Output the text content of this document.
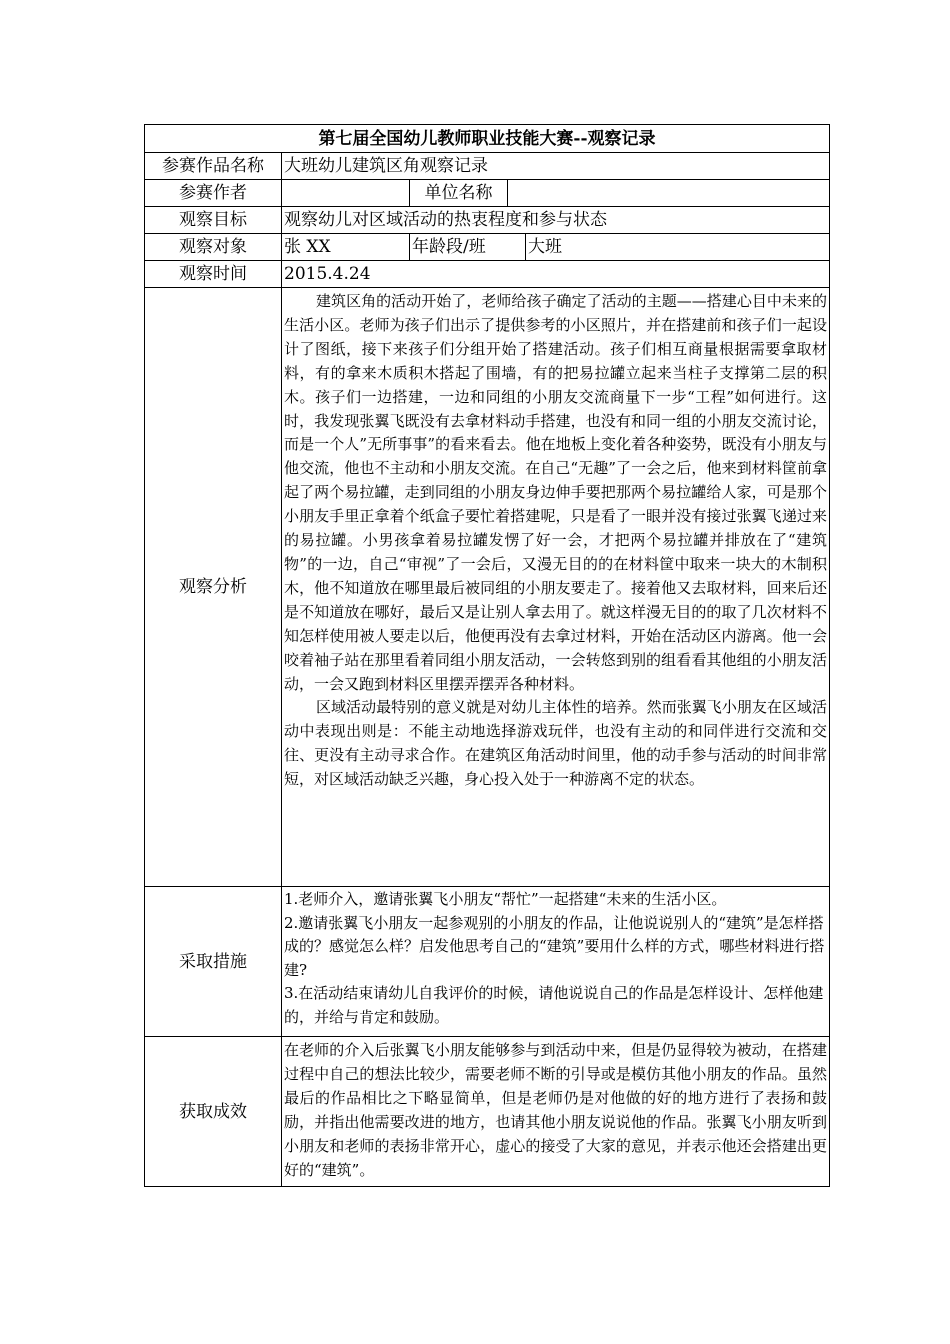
第七届全国幼儿教师职业技能大赛--观察记录				
参赛作品名称	大班幼儿建筑区角观察记录			
参赛作者		单位名称		
观察目标	观察幼儿对区域活动的热衷程度和参与状态			
观察对象	张 XX	年龄段/班		大班
观察时间	2015.4.24			
观察分析	建筑区角的活动开始了，老师给孩子确定了活动的主题——搭建心目中未来的生活小区。老师为孩子们出示了提供参考的小区照片，并在搭建前和孩子们一起设计了图纸，接下来孩子们分组开始了搭建活动。孩子们相互商量根据需要拿取材料，有的拿来木质积木搭起了围墙，有的把易拉罐立起来当柱子支撑第二层的积木。孩子们一边搭建，一边和同组的小朋友交流商量下一步“工程”如何进行。这时，我发现张翼飞既没有去拿材料动手搭建，也没有和同一组的小朋友交流讨论，而是一个人”无所事事”的看来看去。他在地板上变化着各种姿势，既没有小朋友与他交流，他也不主动和小朋友交流。在自己“无趣”了一会之后，他来到材料筐前拿起了两个易拉罐，走到同组的小朋友身边伸手要把那两个易拉罐给人家，可是那个小朋友手里正拿着个纸盒子要忙着搭建呢，只是看了一眼并没有接过张翼飞递过来的易拉罐。小男孩拿着易拉罐发愣了好一会，才把两个易拉罐并排放在了“建筑物”的一边，自己“审视”了一会后，又漫无目的的在材料筐中取来一块大的木制积木，他不知道放在哪里最后被同组的小朋友要走了。接着他又去取材料，回来后还是不知道放在哪好，最后又是让别人拿去用了。就这样漫无目的的取了几次材料不知怎样使用被人要走以后，他便再没有去拿过材料，开始在活动区内游离。他一会咬着袖子站在那里看着同组小朋友活动，一会转悠到别的组看看其他组的小朋友活动，一会又跑到材料区里摆弄摆弄各种材料。

区域活动最特别的意义就是对幼儿主体性的培养。然而张翼飞小朋友在区域活动中表现出则是：不能主动地选择游戏玩伴，也没有主动的和同伴进行交流和交往、更没有主动寻求合作。在建筑区角活动时间里，他的动手参与活动的时间非常短，对区域活动缺乏兴趣，身心投入处于一种游离不定的状态。			

采取措施	1.老师介入，邀请张翼飞小朋友“帮忙”一起搭建“未来的生活小区。
2.邀请张翼飞小朋友一起参观别的小朋友的作品，让他说说别人的“建筑”是怎样搭成的？感觉怎么样？启发他思考自己的“建筑”要用什么样的方式，哪些材料进行搭建?
3.在活动结束请幼儿自我评价的时候，请他说说自己的作品是怎样设计、怎样他建的，并给与肯定和鼓励。			

获取成效	在老师的介入后张翼飞小朋友能够参与到活动中来，但是仍显得较为被动，在搭建过程中自己的想法比较少，需要老师不断的引导或是模仿其他小朋友的作品。虽然最后的作品相比之下略显简单，但是老师仍是对他做的好的地方进行了表扬和鼓励，并指出他需要改进的地方，也请其他小朋友说说他的作品。张翼飞小朋友听到小朋友和老师的表扬非常开心，虚心的接受了大家的意见，并表示他还会搭建出更好的“建筑”。			
